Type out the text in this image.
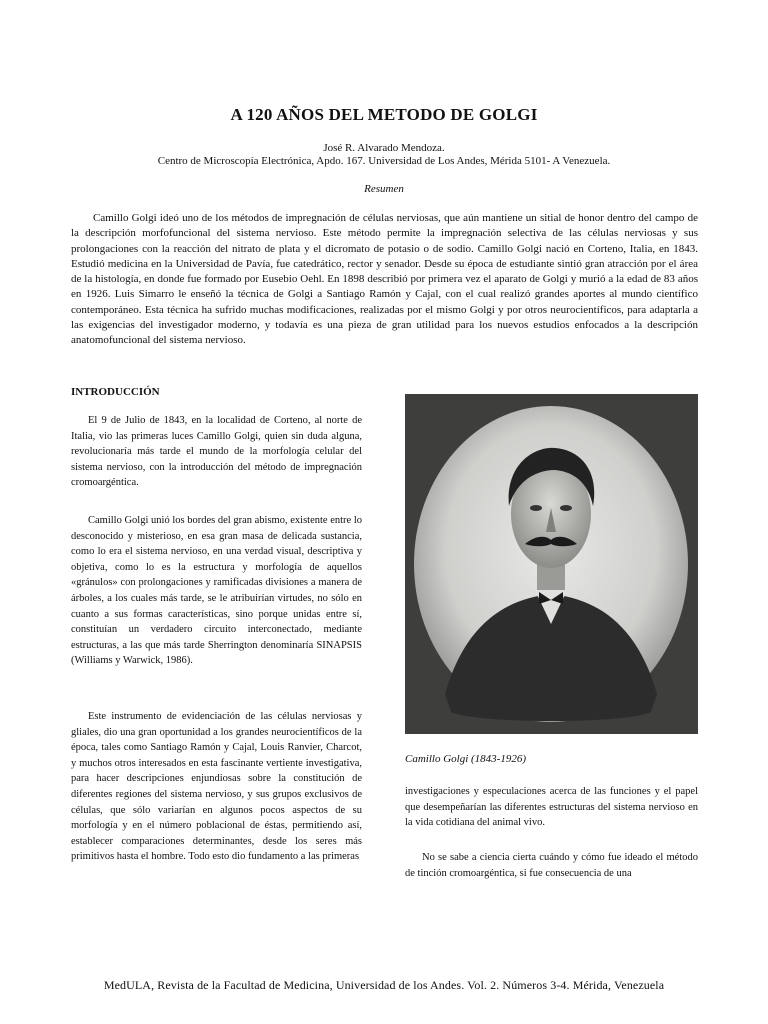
A 120 AÑOS DEL METODO DE GOLGI
José R. Alvarado Mendoza.
Centro de Microscopía Electrónica, Apdo. 167. Universidad de Los Andes, Mérida 5101- A Venezuela.
Resumen

Camillo Golgi ideó uno de los métodos de impregnación de células nerviosas, que aún mantiene un sitial de honor dentro del campo de la descripción morfofuncional del sistema nervioso. Este método permite la impregnación selectiva de las células nerviosas y sus prolongaciones con la reacción del nitrato de plata y el dicromato de potasio o de sodio. Camillo Golgi nació en Corteno, Italia, en 1843. Estudió medicina en la Universidad de Pavía, fue catedrático, rector y senador. Desde su época de estudiante sintió gran atracción por el área de la histología, en donde fue formado por Eusebio Oehl. En 1898 describió por primera vez el aparato de Golgi y murió a la edad de 83 años en 1926. Luis Simarro le enseñó la técnica de Golgi a Santiago Ramón y Cajal, con el cual realizó grandes aportes al mundo científico contemporáneo. Esta técnica ha sufrido muchas modificaciones, realizadas por el mismo Golgi y por otros neurocientíficos, para adaptarla a las exigencias del investigador moderno, y todavía es una pieza de gran utilidad para los nuevos estudios enfocados a la descripción anatomofuncional del sistema nervioso.

INTRODUCCIÓN

El 9 de Julio de 1843, en la localidad de Corteno, al norte de Italia, vio las primeras luces Camillo Golgi, quien sin duda alguna, revolucionaría más tarde el mundo de la morfología celular del sistema nervioso, con la introducción del método de impregnación cromoargéntica.

Camillo Golgi unió los bordes del gran abismo, existente entre lo desconocido y misterioso, en esa gran masa de delicada sustancia, como lo era el sistema nervioso, en una verdad visual, descriptiva y objetiva, como lo es la estructura y morfología de aquellos «gránulos» con prolongaciones y ramificadas divisiones a manera de árboles, a los cuales más tarde, se le atribuirían virtudes, no sólo en cuanto a sus formas características, sino porque unidas entre sí, constituían un verdadero circuito interconectado, mediante estructuras, a las que más tarde Sherrington denominaría SINAPSIS (Williams y Warwick, 1986).

Este instrumento de evidenciación de las células nerviosas y gliales, dio una gran oportunidad a los grandes neurocientíficos de la época, tales como Santiago Ramón y Cajal, Louis Ranvier, Charcot, y muchos otros interesados en esta fascinante vertiente investigativa, para hacer descripciones enjundiosas sobre la constitución de diferentes regiones del sistema nervioso, y sus grupos exclusivos de células, que sólo variarían en algunos pocos aspectos de su morfología y en el número poblacional de éstas, permitiendo así, establecer comparaciones determinantes, desde los seres más primitivos hasta el hombre. Todo esto dio fundamento a las primeras

Camillo Golgi (1843-1926)

investigaciones y especulaciones acerca de las funciones y el papel que desempeñarían las diferentes estructuras del sistema nervioso en la vida cotidiana del animal vivo.

No se sabe a ciencia cierta cuándo y cómo fue ideado el método de tinción cromoargéntica, si fue consecuencia de una

MedULA, Revista de la Facultad de Medicina, Universidad de los Andes. Vol. 2. Números 3-4. Mérida, Venezuela
